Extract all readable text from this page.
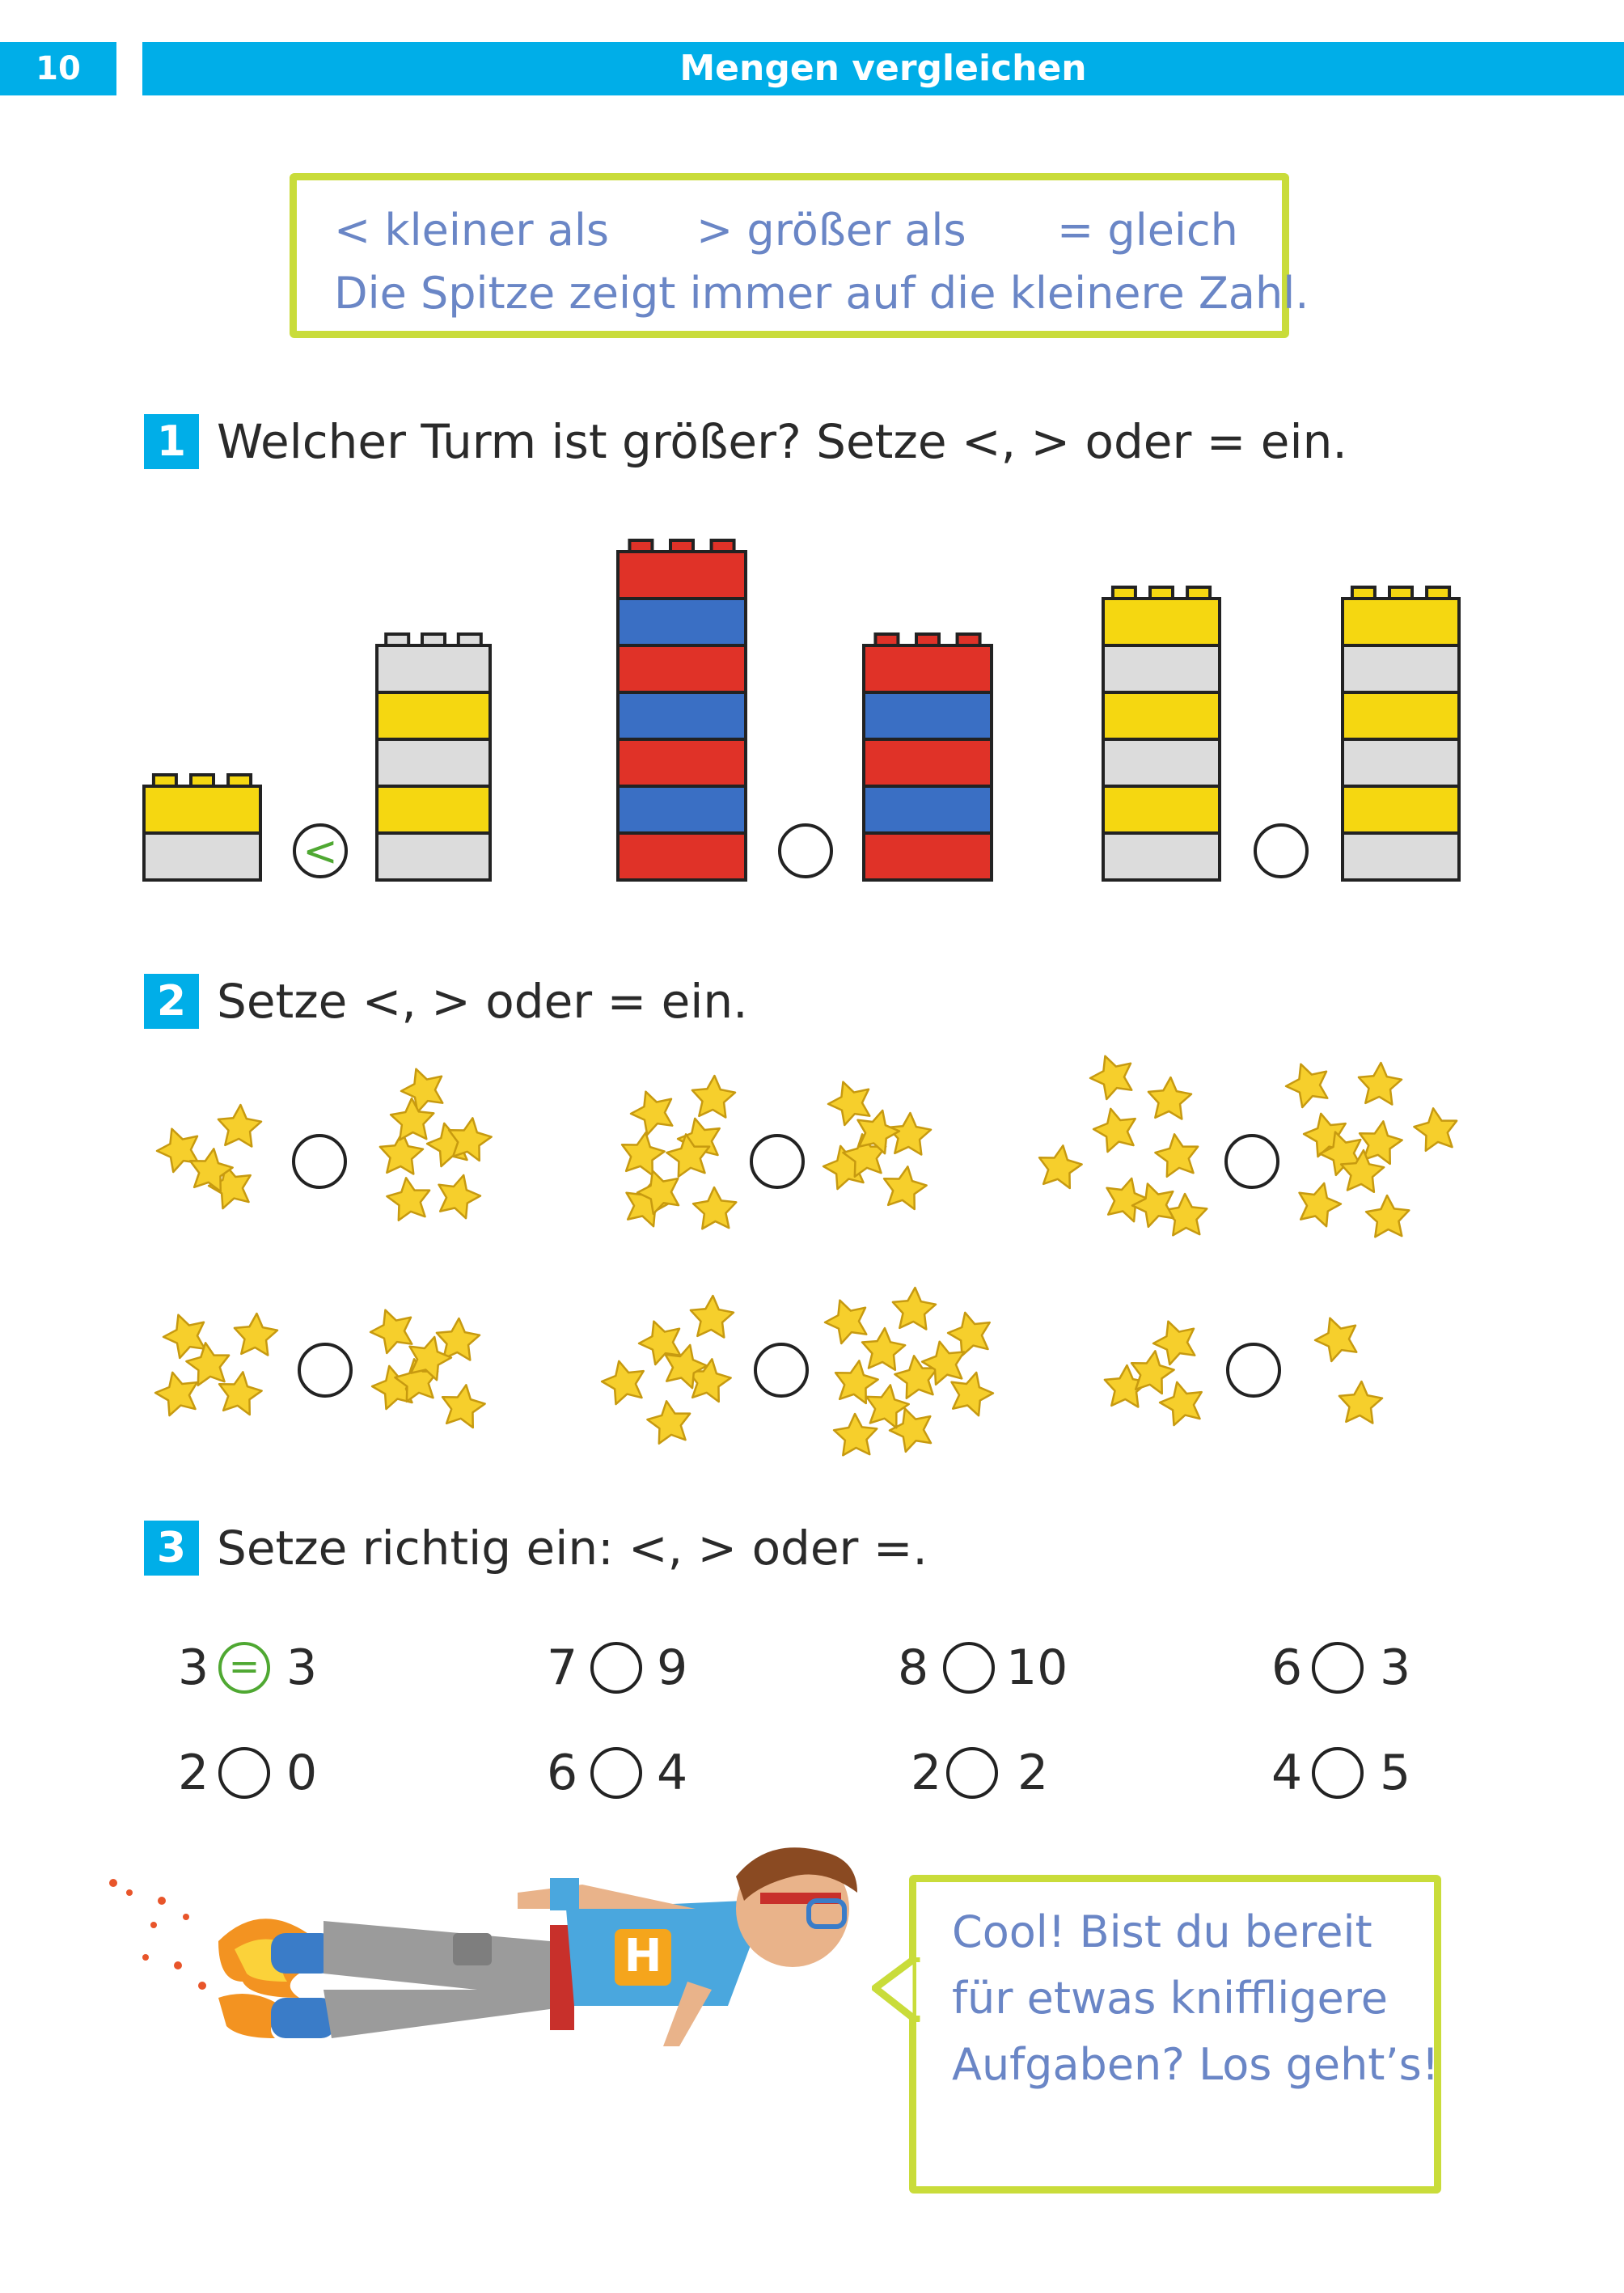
10	Mengen vergleichen
< kleiner als > größer als = gleich
Die Spitze zeigt immer auf die kleinere Zahl.
1 Welcher Turm ist größer? Setze <, > oder = ein.
<
2 Setze <, > oder = ein.
3 Setze richtig ein: <, > oder =.
3 = 3	7 9	8 10	6 3
2 0	6 4	2 2	4 5
H	Cool! Bist du bereit
für etwas kniffligere
Aufgaben? Los geht’s!
